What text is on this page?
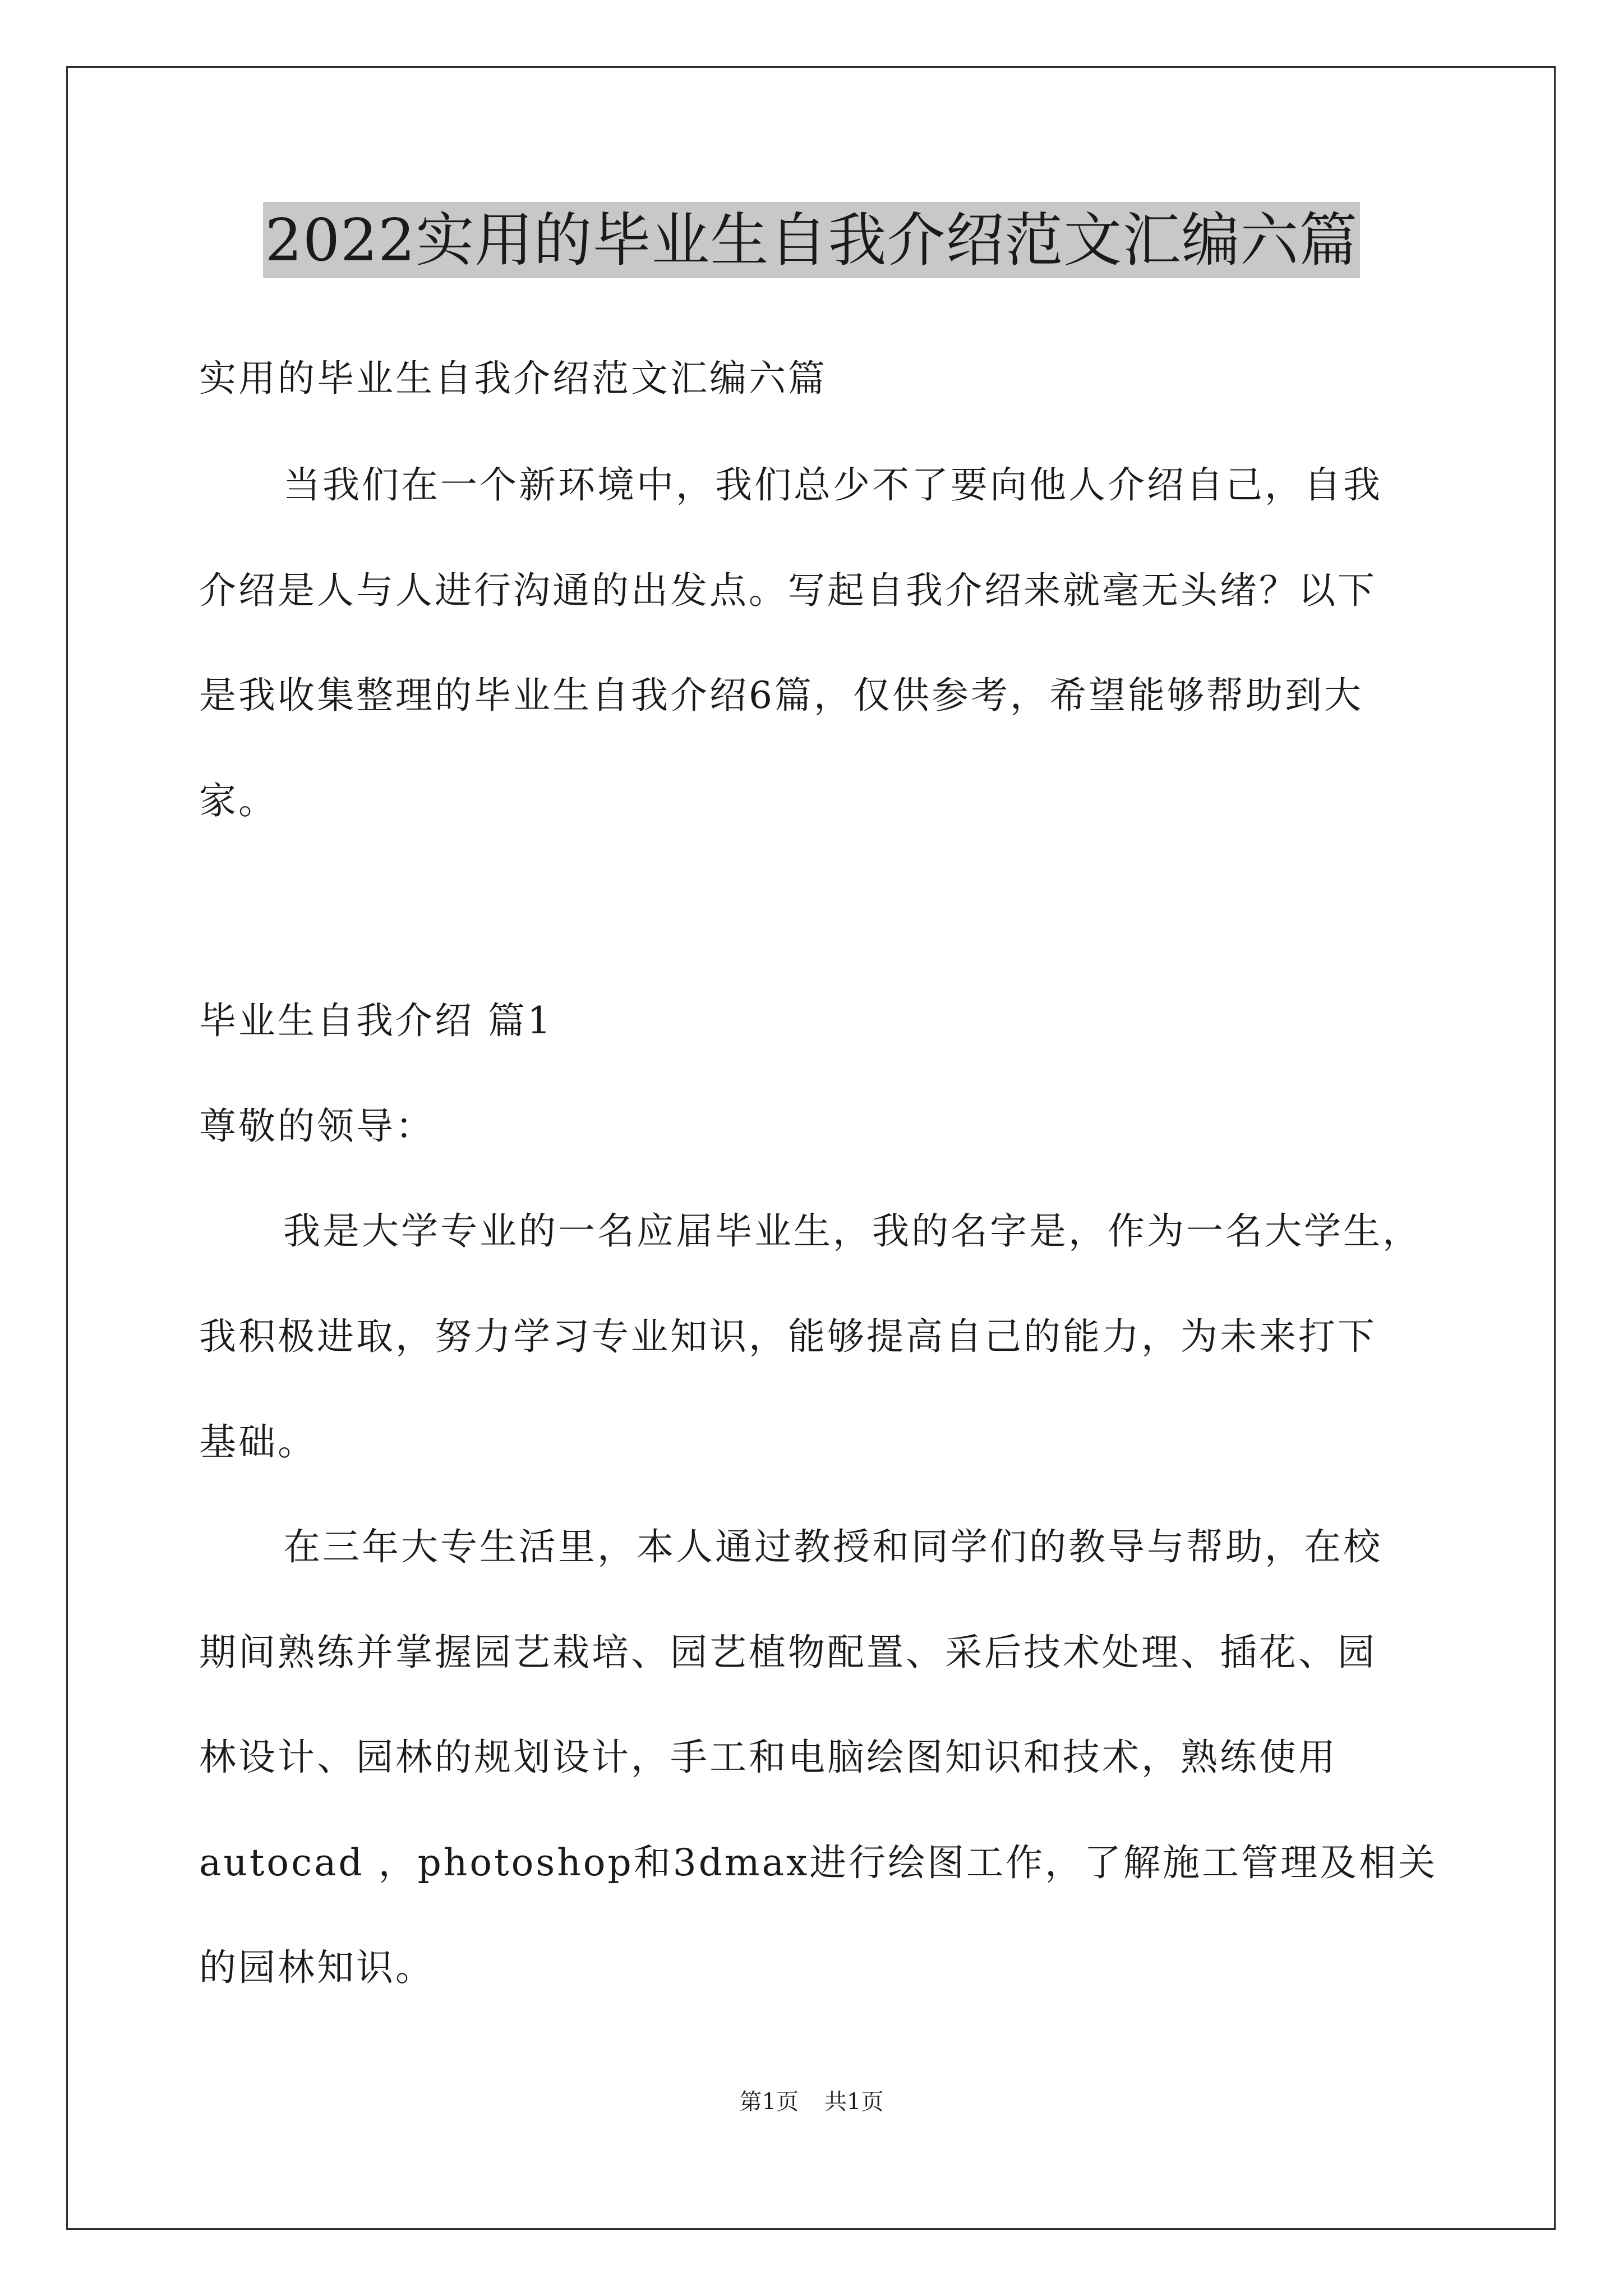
2022实用的毕业生自我介绍范文汇编六篇
实用的毕业生自我介绍范文汇编六篇
当我们在一个新环境中，我们总少不了要向他人介绍自己，自我
介绍是人与人进行沟通的出发点。写起自我介绍来就毫无头绪？以下
是我收集整理的毕业生自我介绍6篇，仅供参考，希望能够帮助到大
家。
毕业生自我介绍 篇1
尊敬的领导：
我是大学专业的一名应届毕业生，我的名字是，作为一名大学生，
我积极进取，努力学习专业知识，能够提高自己的能力，为未来打下
基础。
在三年大专生活里，本人通过教授和同学们的教导与帮助，在校
期间熟练并掌握园艺栽培、园艺植物配置、采后技术处理、插花、园
林设计、园林的规划设计，手工和电脑绘图知识和技术，熟练使用
autocad ，photoshop和3dmax进行绘图工作，了解施工管理及相关
的园林知识。
第1页 共1页
